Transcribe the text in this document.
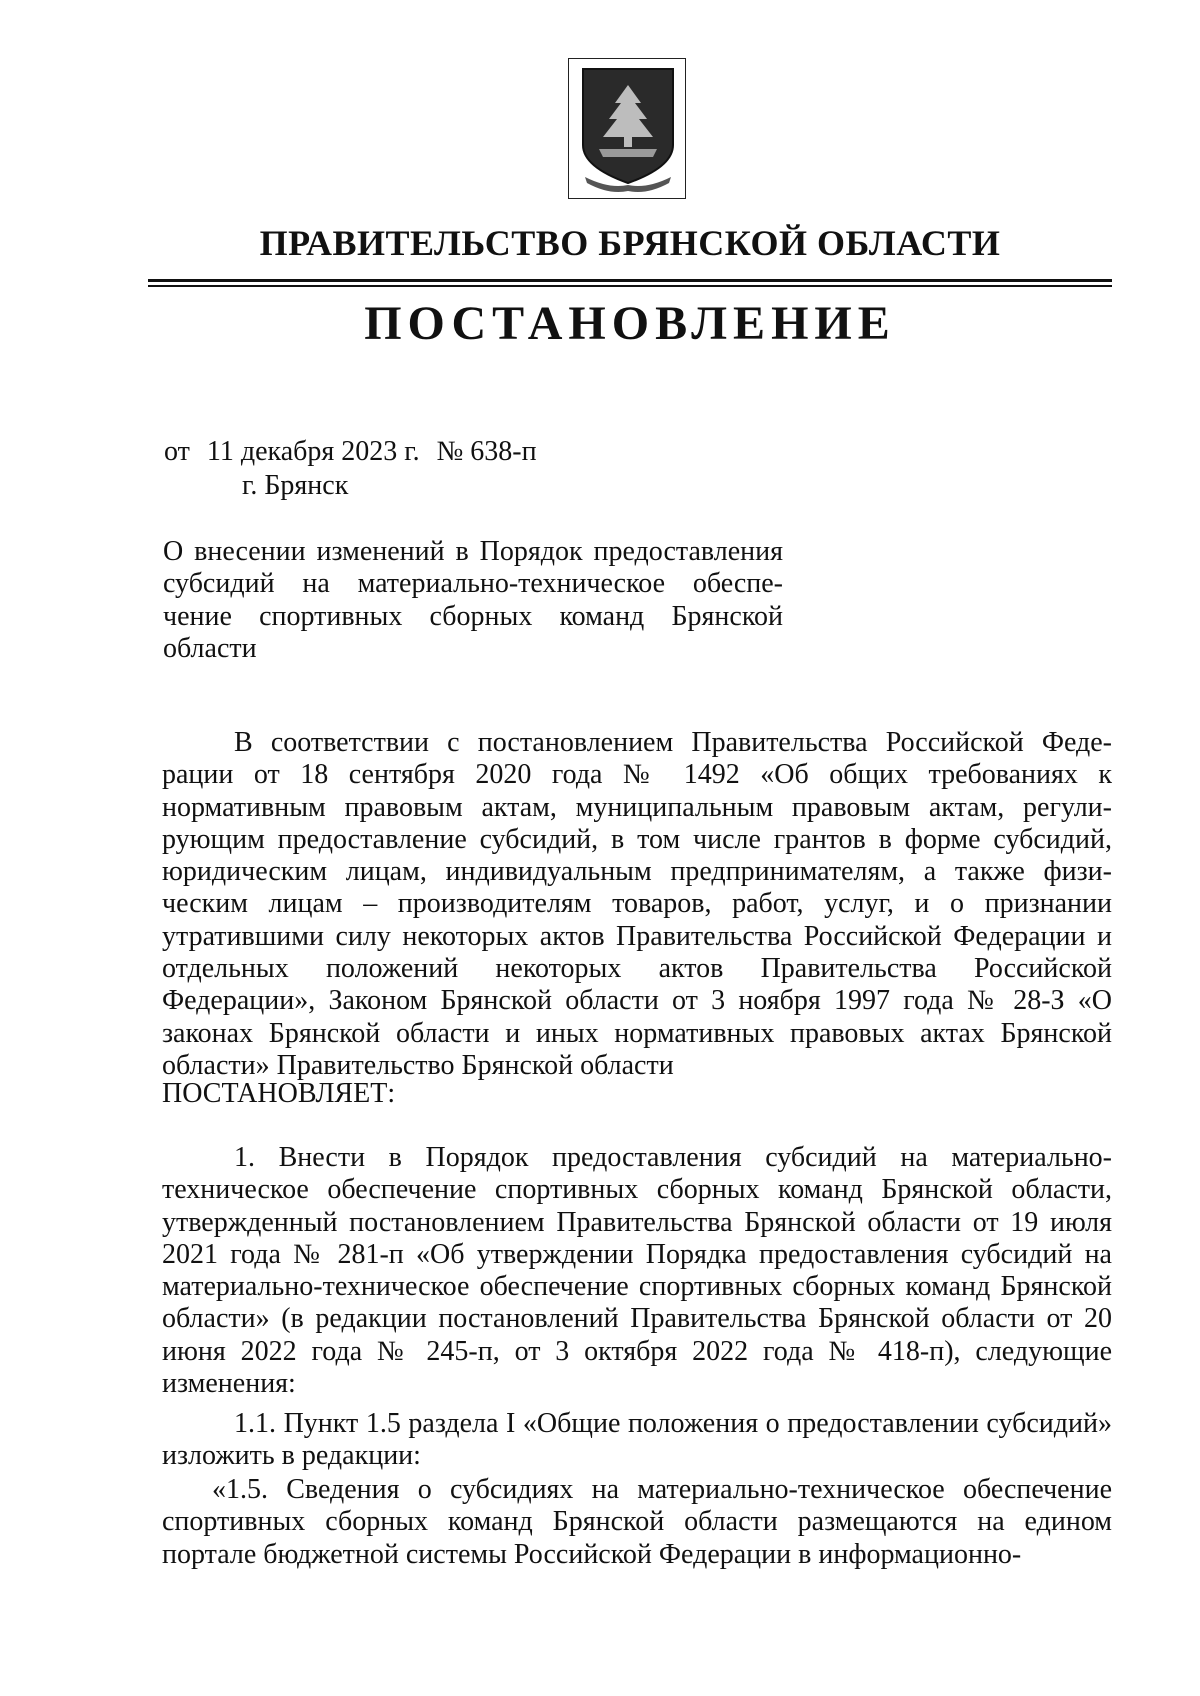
ПРАВИТЕЛЬСТВО БРЯНСКОЙ ОБЛАСТИ
ПОСТАНОВЛЕНИЕ
от 11 декабря 2023 г. № 638-п
г. Брянск
О внесении изменений в Порядок предоставления субсидий на материально-техническое обеспе-чение спортивных сборных команд Брянской области
В соответствии с постановлением Правительства Российской Феде-рации от 18 сентября 2020 года № 1492 «Об общих требованиях к нормативным правовым актам, муниципальным правовым актам, регули-рующим предоставление субсидий, в том числе грантов в форме субсидий, юридическим лицам, индивидуальным предпринимателям, а также физи-ческим лицам – производителям товаров, работ, услуг, и о признании утратившими силу некоторых актов Правительства Российской Федерации и отдельных положений некоторых актов Правительства Российской Федерации», Законом Брянской области от 3 ноября 1997 года № 28-З «О законах Брянской области и иных нормативных правовых актах Брянской области» Правительство Брянской области
ПОСТАНОВЛЯЕТ:
1. Внести в Порядок предоставления субсидий на материально-техническое обеспечение спортивных сборных команд Брянской области, утвержденный постановлением Правительства Брянской области от 19 июля 2021 года № 281-п «Об утверждении Порядка предоставления субсидий на материально-техническое обеспечение спортивных сборных команд Брянской области» (в редакции постановлений Правительства Брянской области от 20 июня 2022 года № 245-п, от 3 октября 2022 года № 418-п), следующие изменения:
1.1. Пункт 1.5 раздела I «Общие положения о предоставлении субсидий» изложить в редакции:
«1.5. Сведения о субсидиях на материально-техническое обеспечение спортивных сборных команд Брянской области размещаются на едином портале бюджетной системы Российской Федерации в информационно-
